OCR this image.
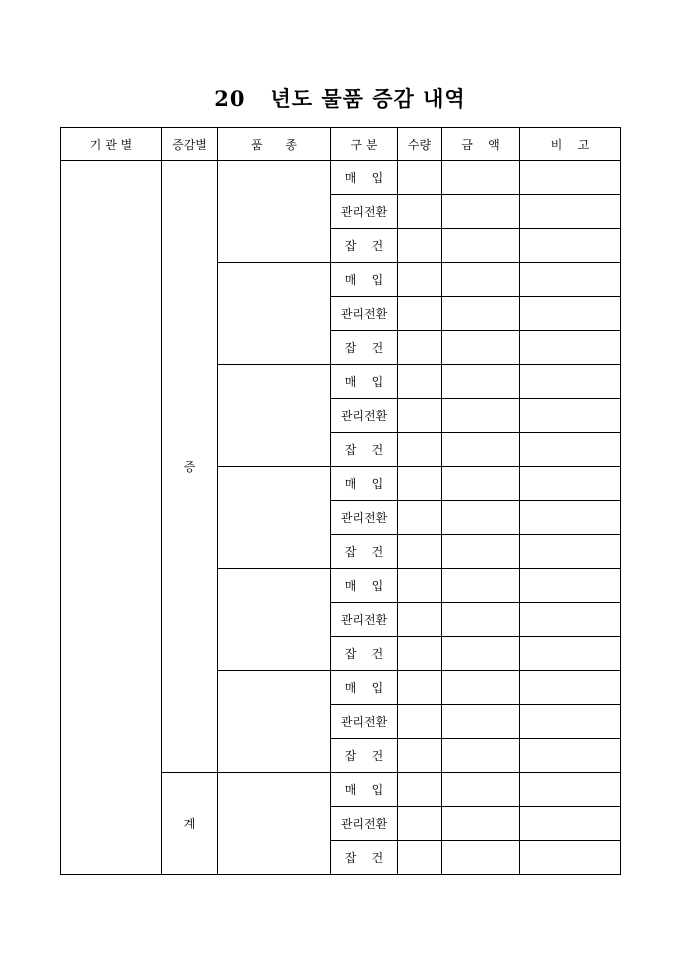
20   년도 물품 증감 내역
기 관 별	증감별	품      종	구 분	수량	금    액	비    고
	증		매    입			
			관리전환			
			잡    건			
			매    입			
			관리전환			
			잡    건			
			매    입			
			관리전환			
			잡    건			
			매    입			
			관리전환			
			잡    건			
			매    입			
			관리전환			
			잡    건			
			매    입			
			관리전환			
			잡    건			
	계		매    입			
			관리전환			
			잡    건			
